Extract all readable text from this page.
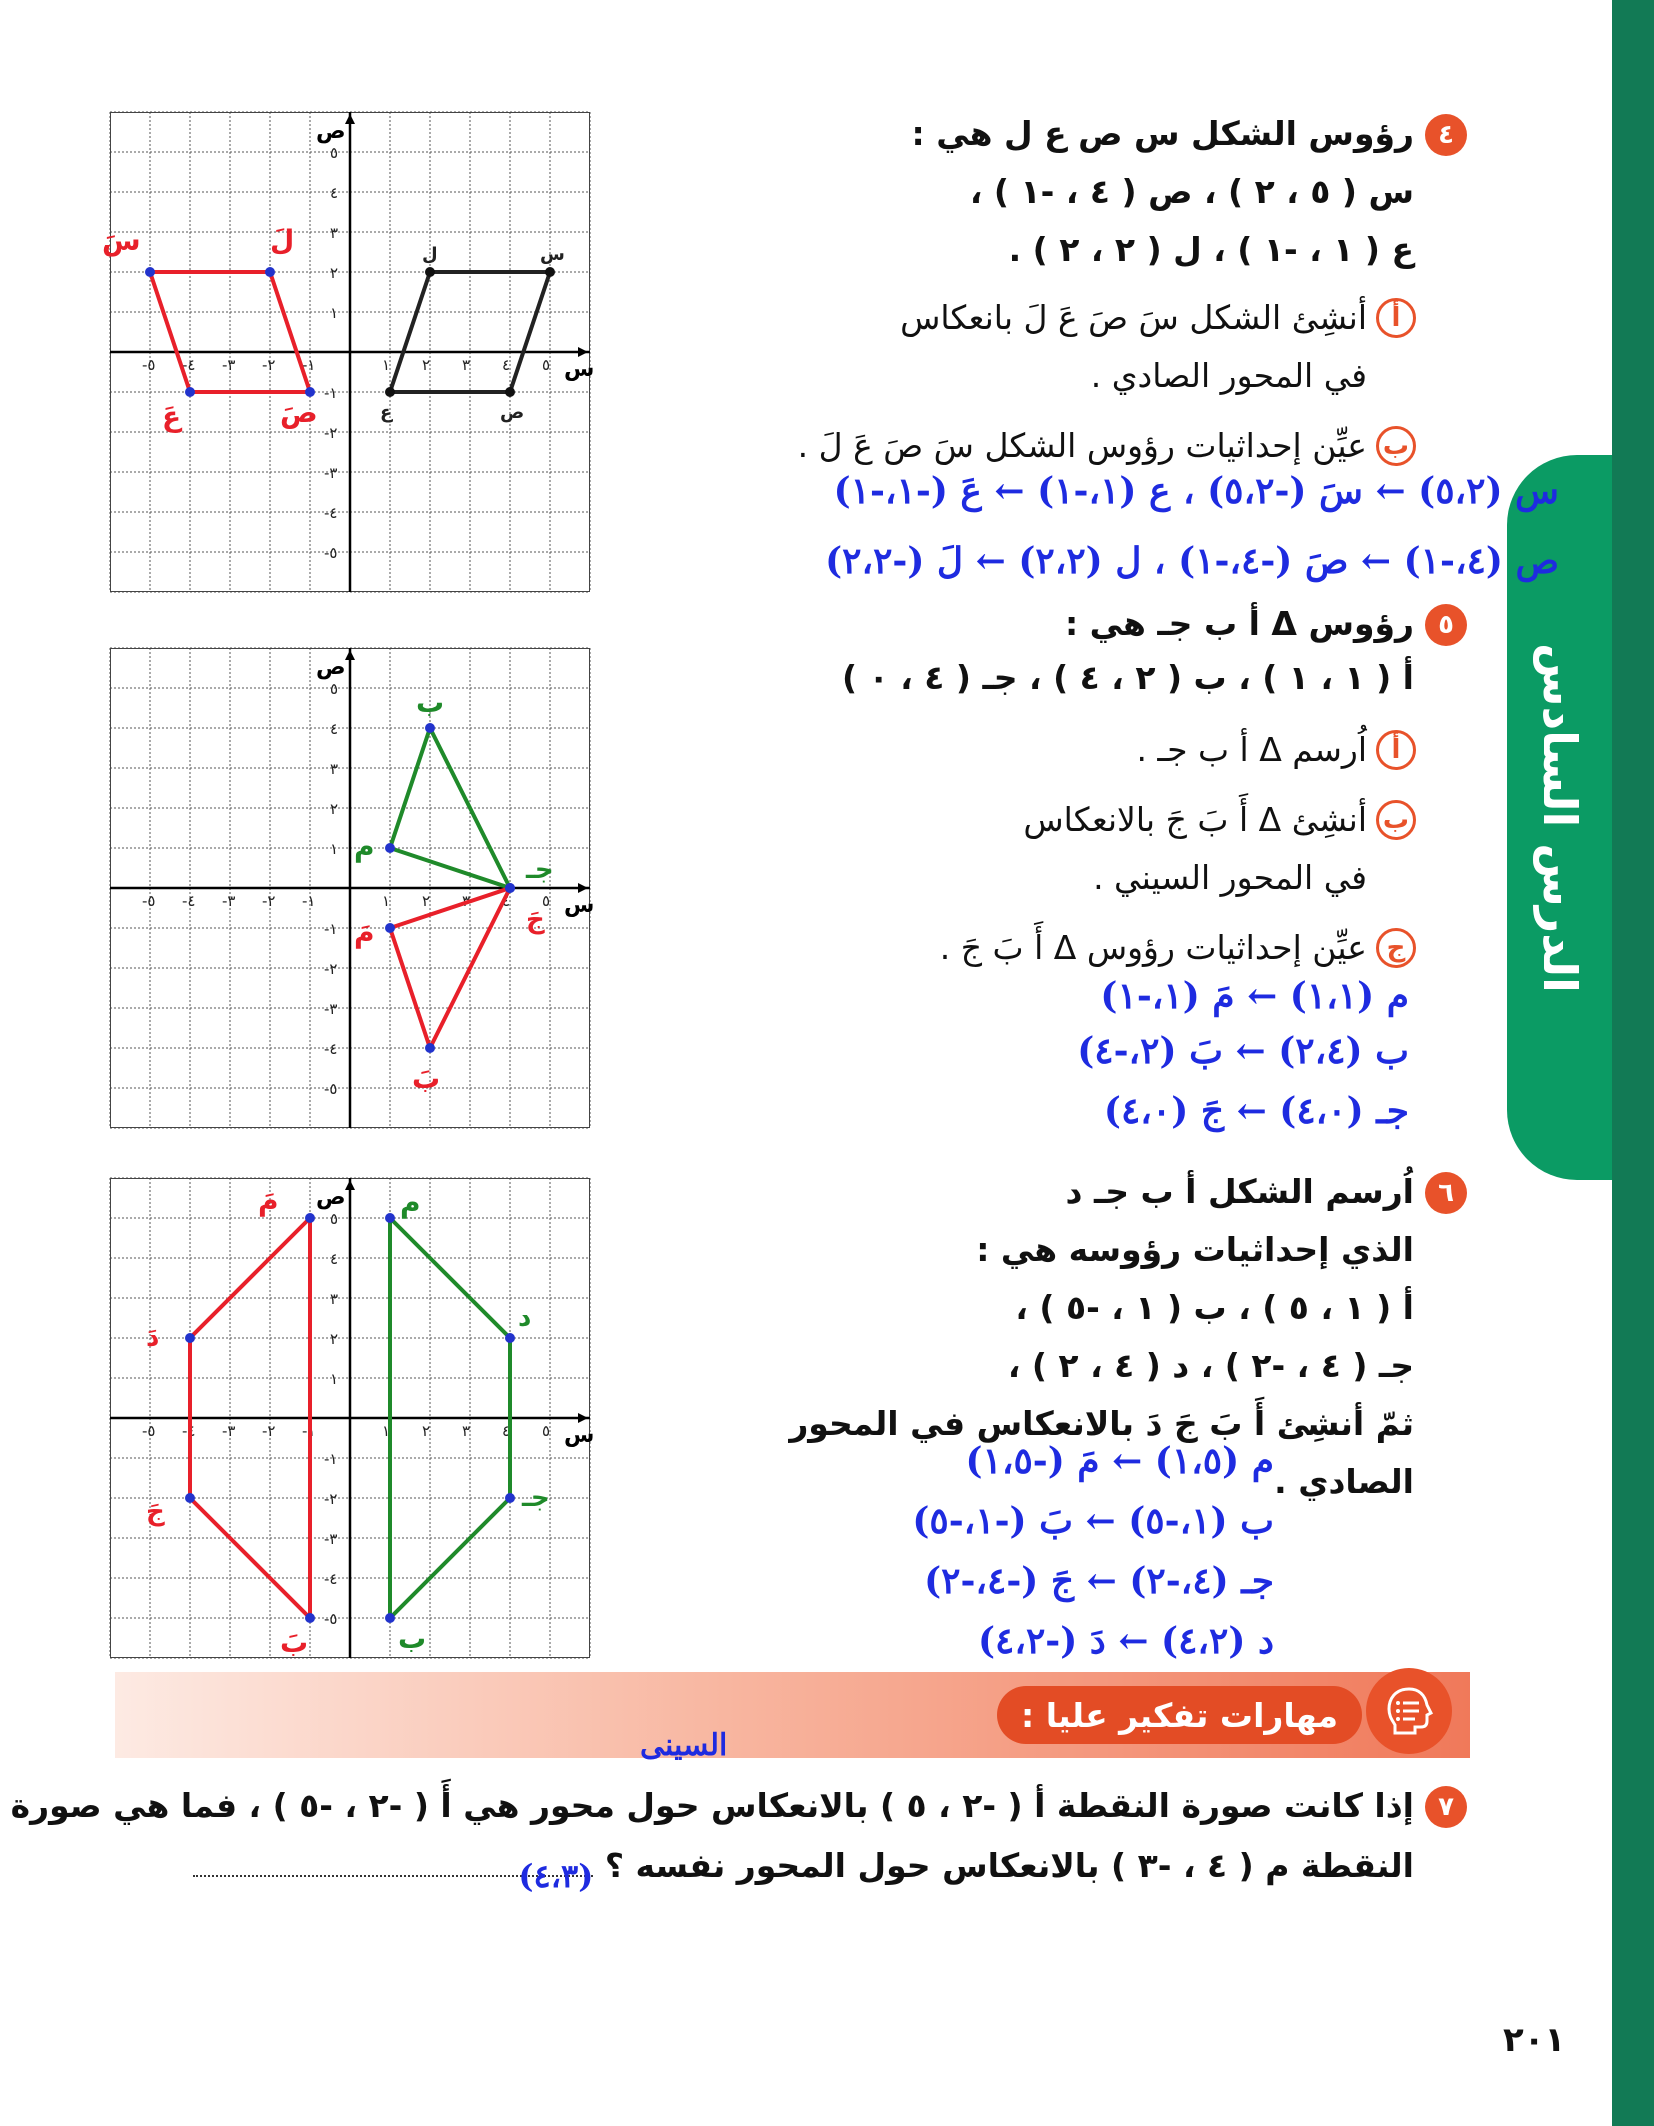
الدرس السادس
س
ص
-٥ -٤ -٣ -٢ -١	١ ٢ ٣ ٤ ٥
٥
٤
٣
٢
١
-١
-٢
-٣
-٤
-٥
س
ل
ص
ع
سَ	لَ
عَ	صَ
س
ص
-٥ -٤ -٣ -٢ -١	١ ٢ ٣ ٤ ٥
٥
٤
٣
٢
١
-١
-٢
-٣
-٤
-٥
م
ب
جـ
مَ
بَ
جَ
س
ص
-٥ -٤ -٣ -٢ -١	١ ٢ ٣ ٤ ٥
٥
٤
٣
٢
١
-١
-٢
-٣
-٤
-٥
م
د
جـ
ب
مَ
دَ
جَ
بَ
٤
رؤوس الشكل س ص ع ل هي :
س ( ٥ ، ٢ ) ، ص ( ٤ ، -١ ) ،
ع ( ١ ، -١ ) ، ل ( ٢ ، ٢ ) .
أ
أنشِئ الشكل سَ صَ عَ لَ بانعكاس
في المحور الصادي .
ب
عيِّن إحداثيات رؤوس الشكل سَ صَ عَ لَ .
س (٥،٢) ← سَ (-٥،٢) ، ع (١،-١) ← عَ (-١،-١)
ص (٤،-١) ← صَ (-٤،-١) ، ل (٢،٢) ← لَ (-٢،٢)
٥
رؤوس Δ أ ب جـ هي :
أ ( ١ ، ١ ) ، ب ( ٢ ، ٤ ) ، جـ ( ٤ ، ٠ )
أ
اُرسم Δ أ ب جـ .
ب
أنشِئ Δ أَ بَ جَ بالانعكاس
في المحور السيني .
ج
عيِّن إحداثيات رؤوس Δ أَ بَ جَ .
م (١،١) ← مَ (١،-١)
ب (٢،٤) ← بَ (٢،-٤)
جـ (٤،٠) ← جَ (٤،٠)
٦
اُرسم الشكل أ ب جـ د
الذي إحداثيات رؤوسه هي :
أ ( ١ ، ٥ ) ، ب ( ١ ، -٥ ) ،
جـ ( ٤ ، -٢ ) ، د ( ٤ ، ٢ ) ،
ثمّ أنشِئ أَ بَ جَ دَ بالانعكاس في المحور
الصادي .
م (١،٥) ← مَ (-١،٥)
ب (١،-٥) ← بَ (-١،-٥)
جـ (٤،-٢) ← جَ (-٤،-٢)
د (٤،٢) ← دَ (-٤،٢)
مهارات تفكير عليا :
السينى
٧
إذا كانت صورة النقطة أ ( -٢ ، ٥ ) بالانعكاس حول محور هي أَ ( -٢ ، -٥ ) ، فما هي صورة
النقطة م ( ٤ ، -٣ ) بالانعكاس حول المحور نفسه ؟
(٤،٣)
٢٠١
